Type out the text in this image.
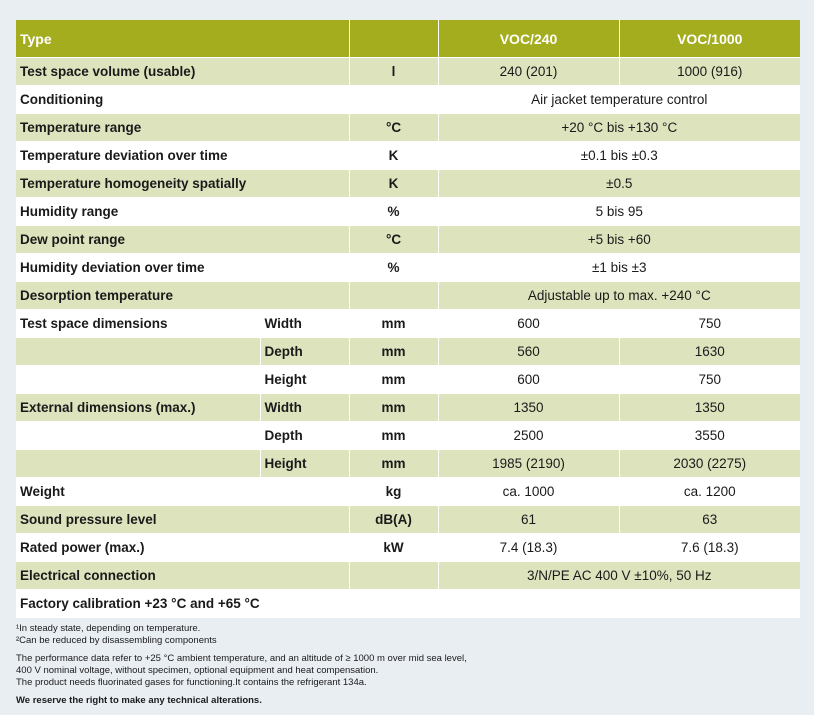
Type			VOC/240	VOC/1000
Test space volume (usable)		l	240 (201)	1000 (916)
Conditioning			Air jacket temperature control	
Temperature range		°C	+20 °C bis +130 °C	
Temperature deviation over time		K	±0.1 bis ±0.3	
Temperature homogeneity spatially		K	±0.5	
Humidity range		%	5 bis 95	
Dew point range		°C	+5 bis +60	
Humidity deviation over time		%	±1 bis ±3	
Desorption temperature			Adjustable up to max. +240 °C	
Test space dimensions	Width	mm	600	750
	Depth	mm	560	1630
	Height	mm	600	750
External dimensions (max.)	Width	mm	1350	1350
	Depth	mm	2500	3550
	Height	mm	1985 (2190)	2030 (2275)
Weight		kg	ca. 1000	ca. 1200
Sound pressure level		dB(A)	61	63
Rated power (max.)		kW	7.4 (18.3)	7.6 (18.3)
Electrical connection			3/N/PE AC 400 V ±10%, 50 Hz	
Factory calibration +23 °C and +65 °C				

¹In steady state, depending on temperature.

²Can be reduced by disassembling components

The performance data refer to +25 °C ambient temperature, and an altitude of ≥ 1000 m over mid sea level,

400 V nominal voltage, without specimen, optional equipment and heat compensation.

The product needs fluorinated gases for functioning.It contains the refrigerant 134a.

We reserve the right to make any technical alterations.
